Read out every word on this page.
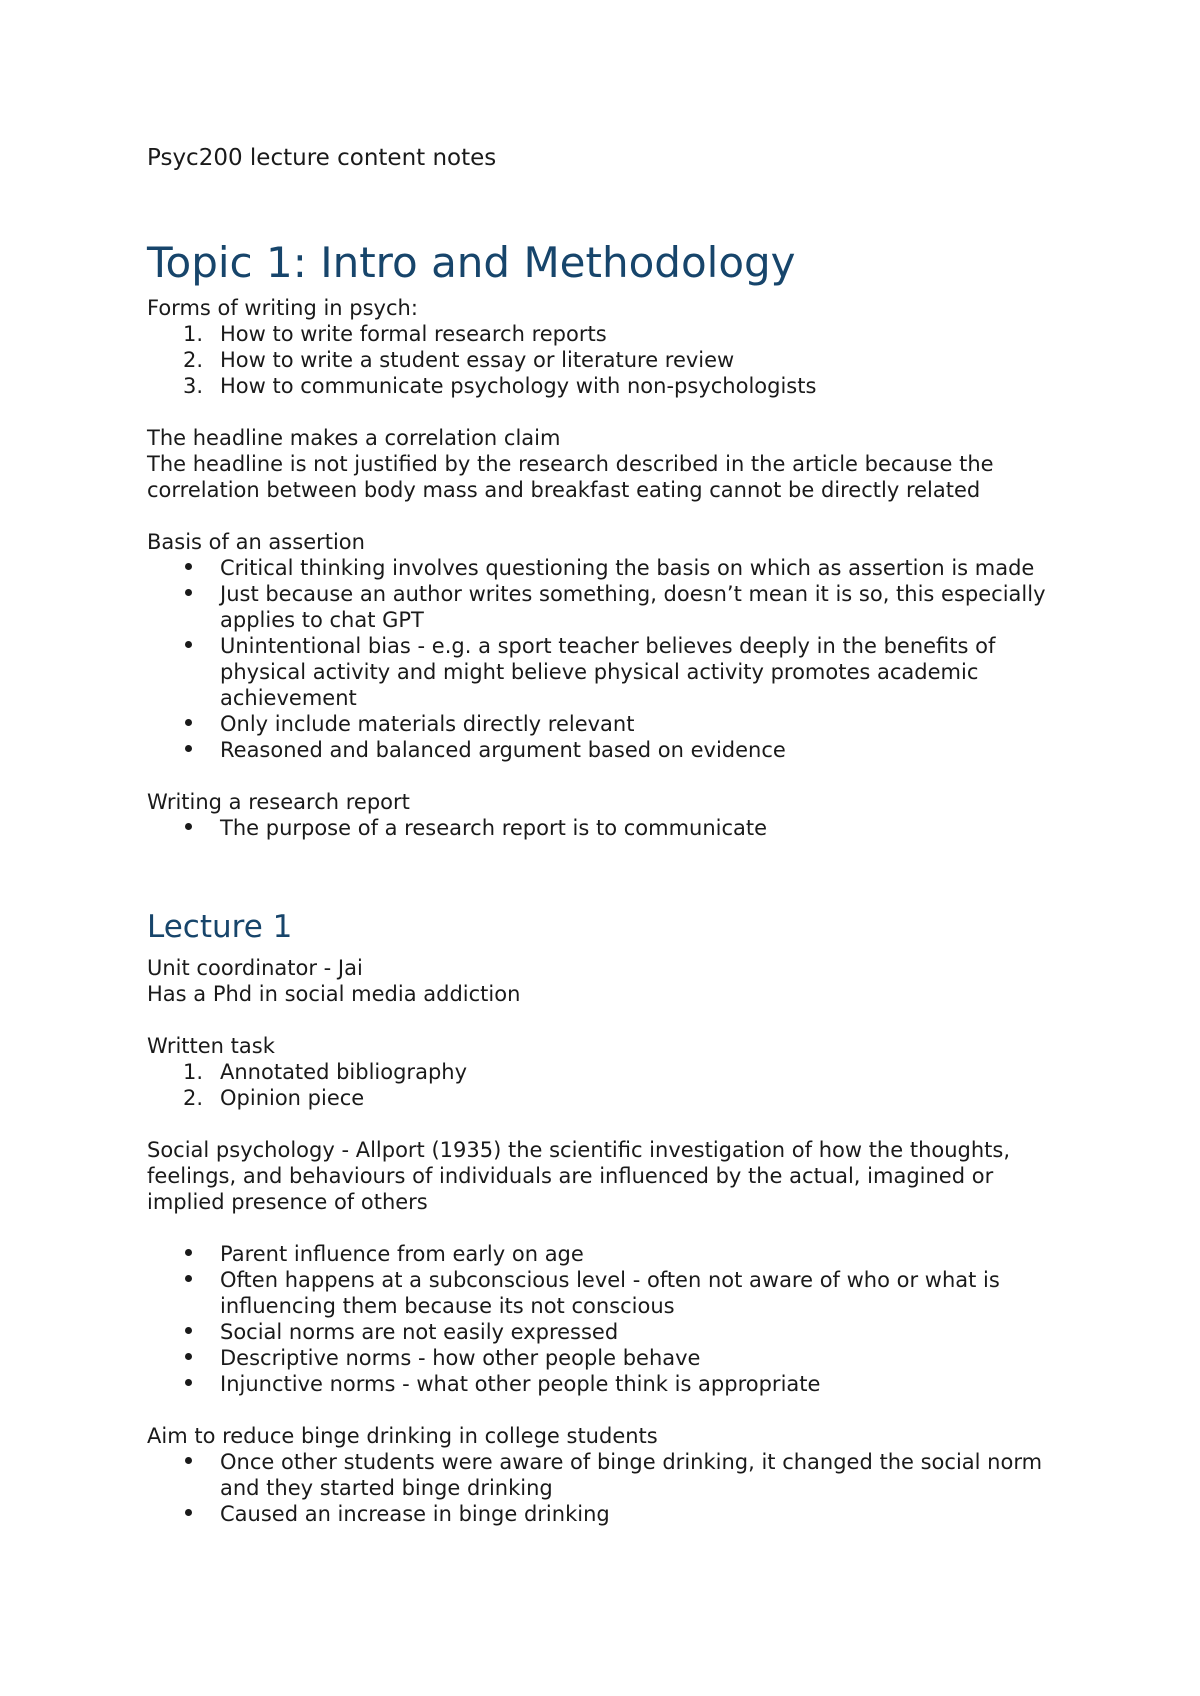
Psyc200 lecture content notes
Topic 1: Intro and Methodology

Forms of writing in psych:

1. How to write formal research reports
2. How to write a student essay or literature review
3. How to communicate psychology with non-psychologists

The headline makes a correlation claim

The headline is not justified by the research described in the article because the correlation between body mass and breakfast eating cannot be directly related

Basis of an assertion

Critical thinking involves questioning the basis on which as assertion is made
Just because an author writes something, doesn’t mean it is so, this especially applies to chat GPT
Unintentional bias - e.g. a sport teacher believes deeply in the benefits of physical activity and might believe physical activity promotes academic achievement
Only include materials directly relevant
Reasoned and balanced argument based on evidence

Writing a research report

The purpose of a research report is to communicate
Lecture 1

Unit coordinator - Jai

Has a Phd in social media addiction

Written task

1. Annotated bibliography
2. Opinion piece

Social psychology - Allport (1935) the scientific investigation of how the thoughts, feelings, and behaviours of individuals are influenced by the actual, imagined or implied presence of others

Parent influence from early on age
Often happens at a subconscious level - often not aware of who or what is influencing them because its not conscious
Social norms are not easily expressed
Descriptive norms - how other people behave
Injunctive norms - what other people think is appropriate

Aim to reduce binge drinking in college students

Once other students were aware of binge drinking, it changed the social norm and they started binge drinking
Caused an increase in binge drinking
